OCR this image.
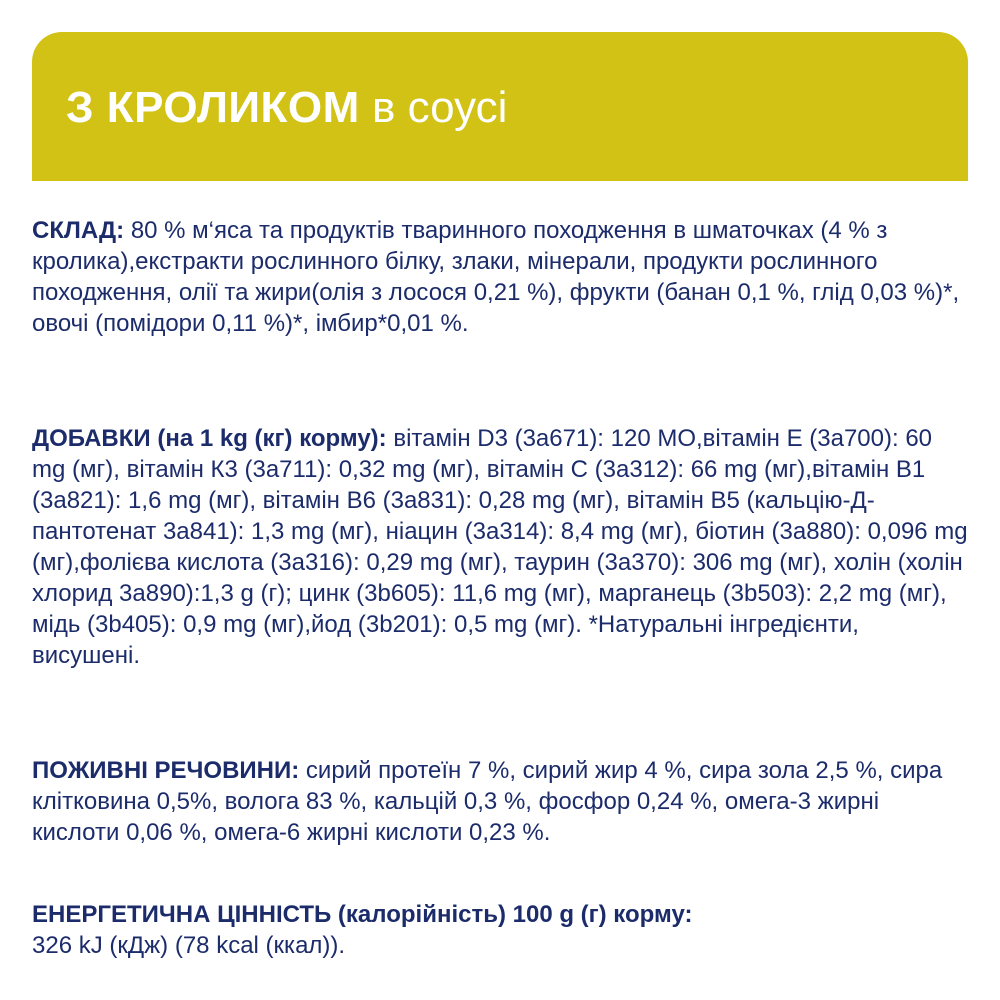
З КРОЛИКОМ в соусі
СКЛАД: 80 % м‘яса та продуктів тваринного походження в шматочках (4 % з кролика),екстракти рослинного білку, злаки, мінерали, продукти рослинного походження, олії та жири(олія з лосося 0,21 %), фрукти (банан 0,1 %, глід 0,03 %)*, овочі (помідори 0,11 %)*, імбир*0,01 %.
ДОБАВКИ (на 1 kg (кг) корму): вітамін D3 (3а671): 120 МО,вітамін Е (3а700): 60 mg (мг), вітамін К3 (3а711): 0,32 mg (мг), вітамін С (3а312): 66 mg (мг),вітамін В1 (3а821): 1,6 mg (мг), вітамін В6 (3а831): 0,28 mg (мг), вітамін В5 (кальцію-Д-пантотенат 3а841): 1,3 mg (мг), ніацин (3а314): 8,4 mg (мг), біотин (3а880): 0,096 mg (мг),фолієва кислота (3а316): 0,29 mg (мг), таурин (3а370): 306 mg (мг), холін (холін хлорид 3а890):1,3 g (г); цинк (3b605): 11,6 mg (мг), марганець (3b503): 2,2 mg (мг), мідь (3b405): 0,9 mg (мг),йод (3b201): 0,5 mg (мг). *Натуральні інгредієнти, висушені.
ПОЖИВНІ РЕЧОВИНИ: сирий протеїн 7 %, сирий жир 4 %, сира зола 2,5 %, сира клітковина 0,5%, волога 83 %, кальцій 0,3 %, фосфор 0,24 %, омега-3 жирні кислоти 0,06 %, омега-6 жирні кислоти 0,23 %.
ЕНЕРГЕТИЧНА ЦІННІСТЬ (калорійність) 100 g (г) корму:
326 kJ (кДж) (78 kcal (ккал)).
